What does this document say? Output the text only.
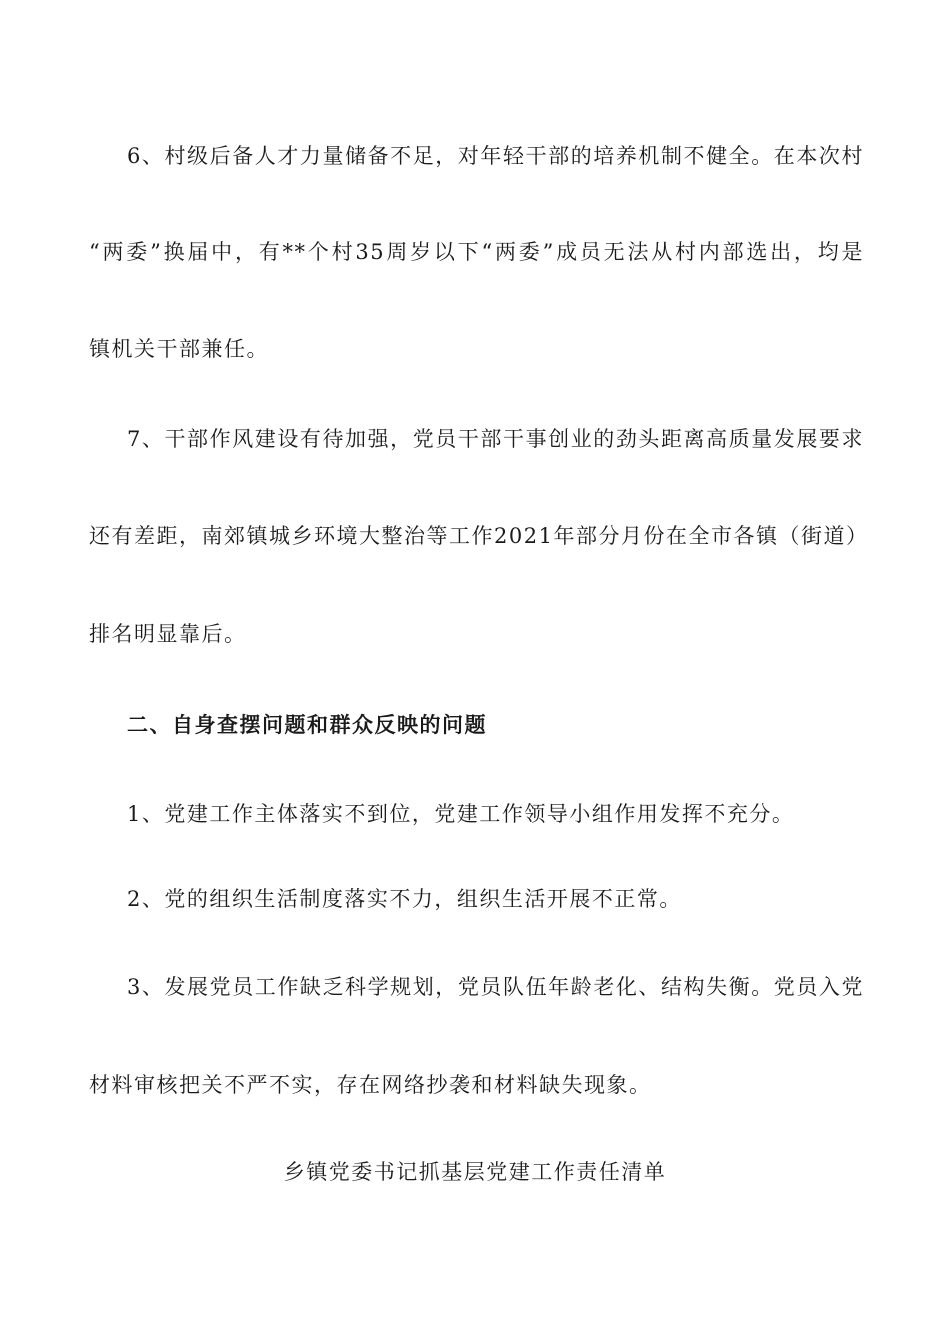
6、村级后备人才力量储备不足，对年轻干部的培养机制不健全。在本次村
“两委”换届中，有**个村35周岁以下“两委”成员无法从村内部选出，均是
镇机关干部兼任。
7、干部作风建设有待加强，党员干部干事创业的劲头距离高质量发展要求
还有差距，南郊镇城乡环境大整治等工作2021年部分月份在全市各镇（街道）
排名明显靠后。
二、自身查摆问题和群众反映的问题
1、党建工作主体落实不到位，党建工作领导小组作用发挥不充分。
2、党的组织生活制度落实不力，组织生活开展不正常。
3、发展党员工作缺乏科学规划，党员队伍年龄老化、结构失衡。党员入党
材料审核把关不严不实，存在网络抄袭和材料缺失现象。
乡镇党委书记抓基层党建工作责任清单
